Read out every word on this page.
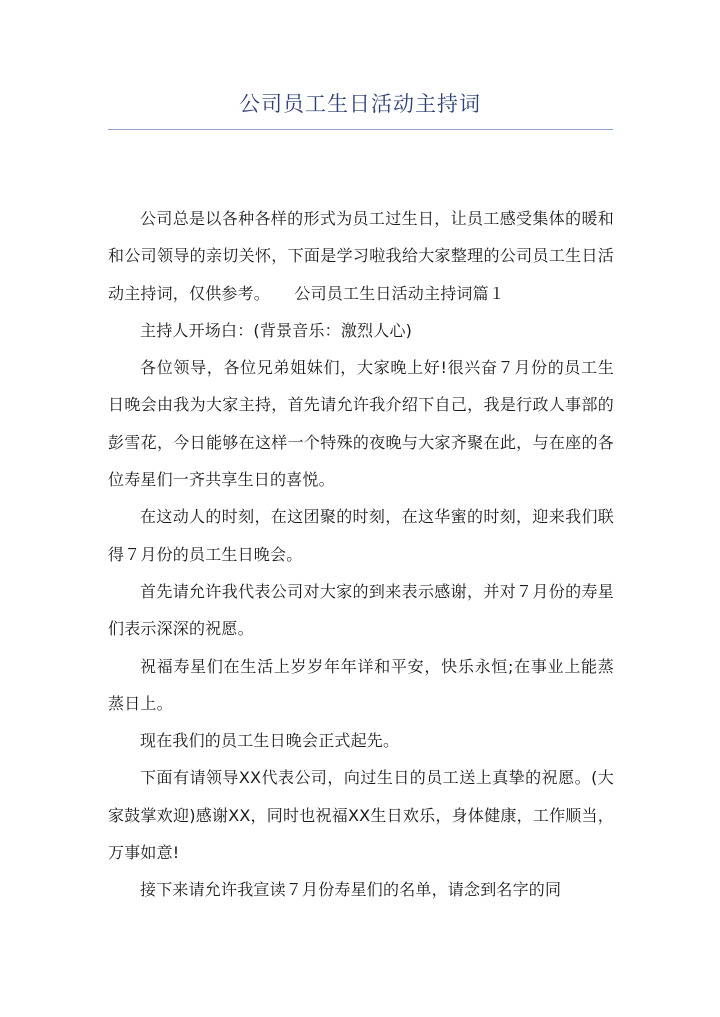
公司员工生日活动主持词

公司总是以各种各样的形式为员工过生日，让员工感受集体的暖和和公司领导的亲切关怀，下面是学习啦我给大家整理的公司员工生日活动主持词，仅供参考。　　公司员工生日活动主持词篇１

主持人开场白：(背景音乐：激烈人心)

各位领导，各位兄弟姐妹们，大家晚上好!很兴奋７月份的员工生日晚会由我为大家主持，首先请允许我介绍下自己，我是行政人事部的彭雪花，今日能够在这样一个特殊的夜晚与大家齐聚在此，与在座的各位寿星们一齐共享生日的喜悦。

在这动人的时刻，在这团聚的时刻，在这华蜜的时刻，迎来我们联得７月份的员工生日晚会。

首先请允许我代表公司对大家的到来表示感谢，并对７月份的寿星们表示深深的祝愿。

祝福寿星们在生活上岁岁年年详和平安，快乐永恒;在事业上能蒸蒸日上。

现在我们的员工生日晚会正式起先。

下面有请领导XX代表公司，向过生日的员工送上真挚的祝愿。(大家鼓掌欢迎)感谢XX，同时也祝福XX生日欢乐，身体健康，工作顺当，万事如意!

接下来请允许我宣读７月份寿星们的名单，请念到名字的同
